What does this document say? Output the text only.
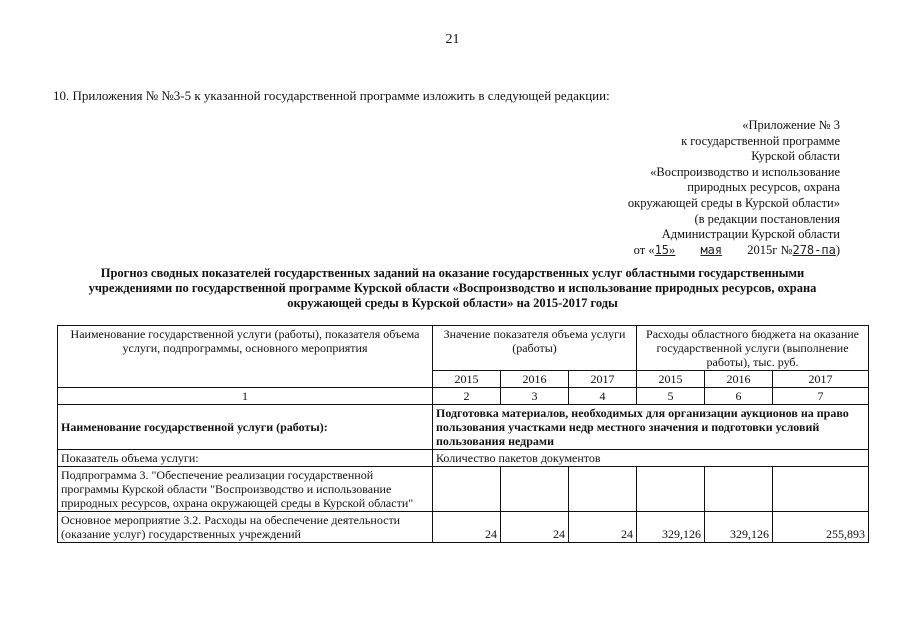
21
10. Приложения № №3-5 к указанной государственной программе изложить в следующей редакции:
«Приложение № 3
к государственной программе
Курской области
«Воспроизводство и использование
природных ресурсов, охрана
окружающей среды в Курской области»
(в редакции постановления
Администрации Курской области
от «15» мая 2015г №278-па)
Прогноз сводных показателей государственных заданий на оказание государственных услуг областными государственными учреждениями по государственной программе Курской области «Воспроизводство и использование природных ресурсов, охрана окружающей среды в Курской области» на 2015-2017 годы
Наименование государственной услуги (работы), показателя объема услуги, подпрограммы, основного мероприятия	Значение показателя объема услуги (работы)			Расходы областного бюджета на оказание государственной услуги (выполнение работы), тыс. руб.		
	2015	2016	2017	2015	2016	2017
1	2	3	4	5	6	7
Наименование государственной услуги (работы):	Подготовка материалов, необходимых для организации аукционов на право пользования участками недр местного значения и подготовки условий пользования недрами					
Показатель объема услуги:	Количество пакетов документов					
Подпрограмма 3. "Обеспечение реализации государственной программы Курской области "Воспроизводство и использование природных ресурсов, охрана окружающей среды в Курской области"						
Основное мероприятие 3.2. Расходы на обеспечение деятельности (оказание услуг) государственных учреждений	24	24	24	329,126	329,126	255,893
